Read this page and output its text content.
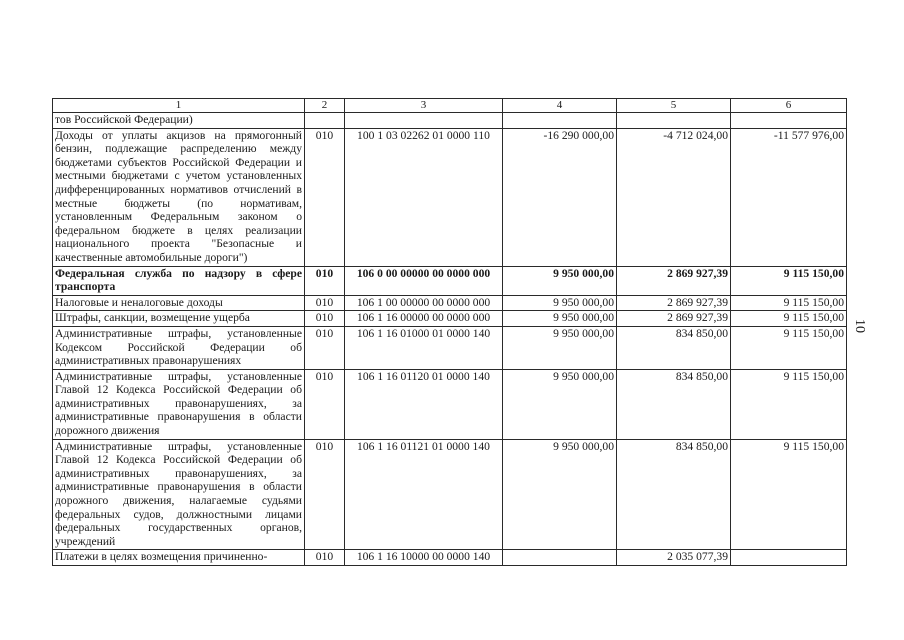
1	2	3	4	5	6
тов Российской Федерации)					
Доходы от уплаты акцизов на прямогонный бензин, подлежащие распределению между бюджетами субъектов Российской Федерации и местными бюджетами с учетом установленных дифференцированных нормативов отчислений в местные бюджеты (по нормативам, установленным Федеральным законом о федеральном бюджете в целях реализации национального проекта "Безопасные и качественные автомобильные дороги")	010	100 1 03 02262 01 0000 110	-16 290 000,00	-4 712 024,00	-11 577 976,00
Федеральная служба по надзору в сфере транспорта	010	106 0 00 00000 00 0000 000	9 950 000,00	2 869 927,39	9 115 150,00
Налоговые и неналоговые доходы	010	106 1 00 00000 00 0000 000	9 950 000,00	2 869 927,39	9 115 150,00
Штрафы, санкции, возмещение ущерба	010	106 1 16 00000 00 0000 000	9 950 000,00	2 869 927,39	9 115 150,00
Административные штрафы, установленные Кодексом Российской Федерации об административных правонарушениях	010	106 1 16 01000 01 0000 140	9 950 000,00	834 850,00	9 115 150,00
Административные штрафы, установленные Главой 12 Кодекса Российской Федерации об административных правонарушениях, за административные правонарушения в области дорожного движения	010	106 1 16 01120 01 0000 140	9 950 000,00	834 850,00	9 115 150,00
Административные штрафы, установленные Главой 12 Кодекса Российской Федерации об административных правонарушениях, за административные правонарушения в области дорожного движения, налагаемые судьями федеральных судов, должностными лицами федеральных государственных органов, учреждений	010	106 1 16 01121 01 0000 140	9 950 000,00	834 850,00	9 115 150,00
Платежи в целях возмещения причиненно-	010	106 1 16 10000 00 0000 140		2 035 077,39	
10
